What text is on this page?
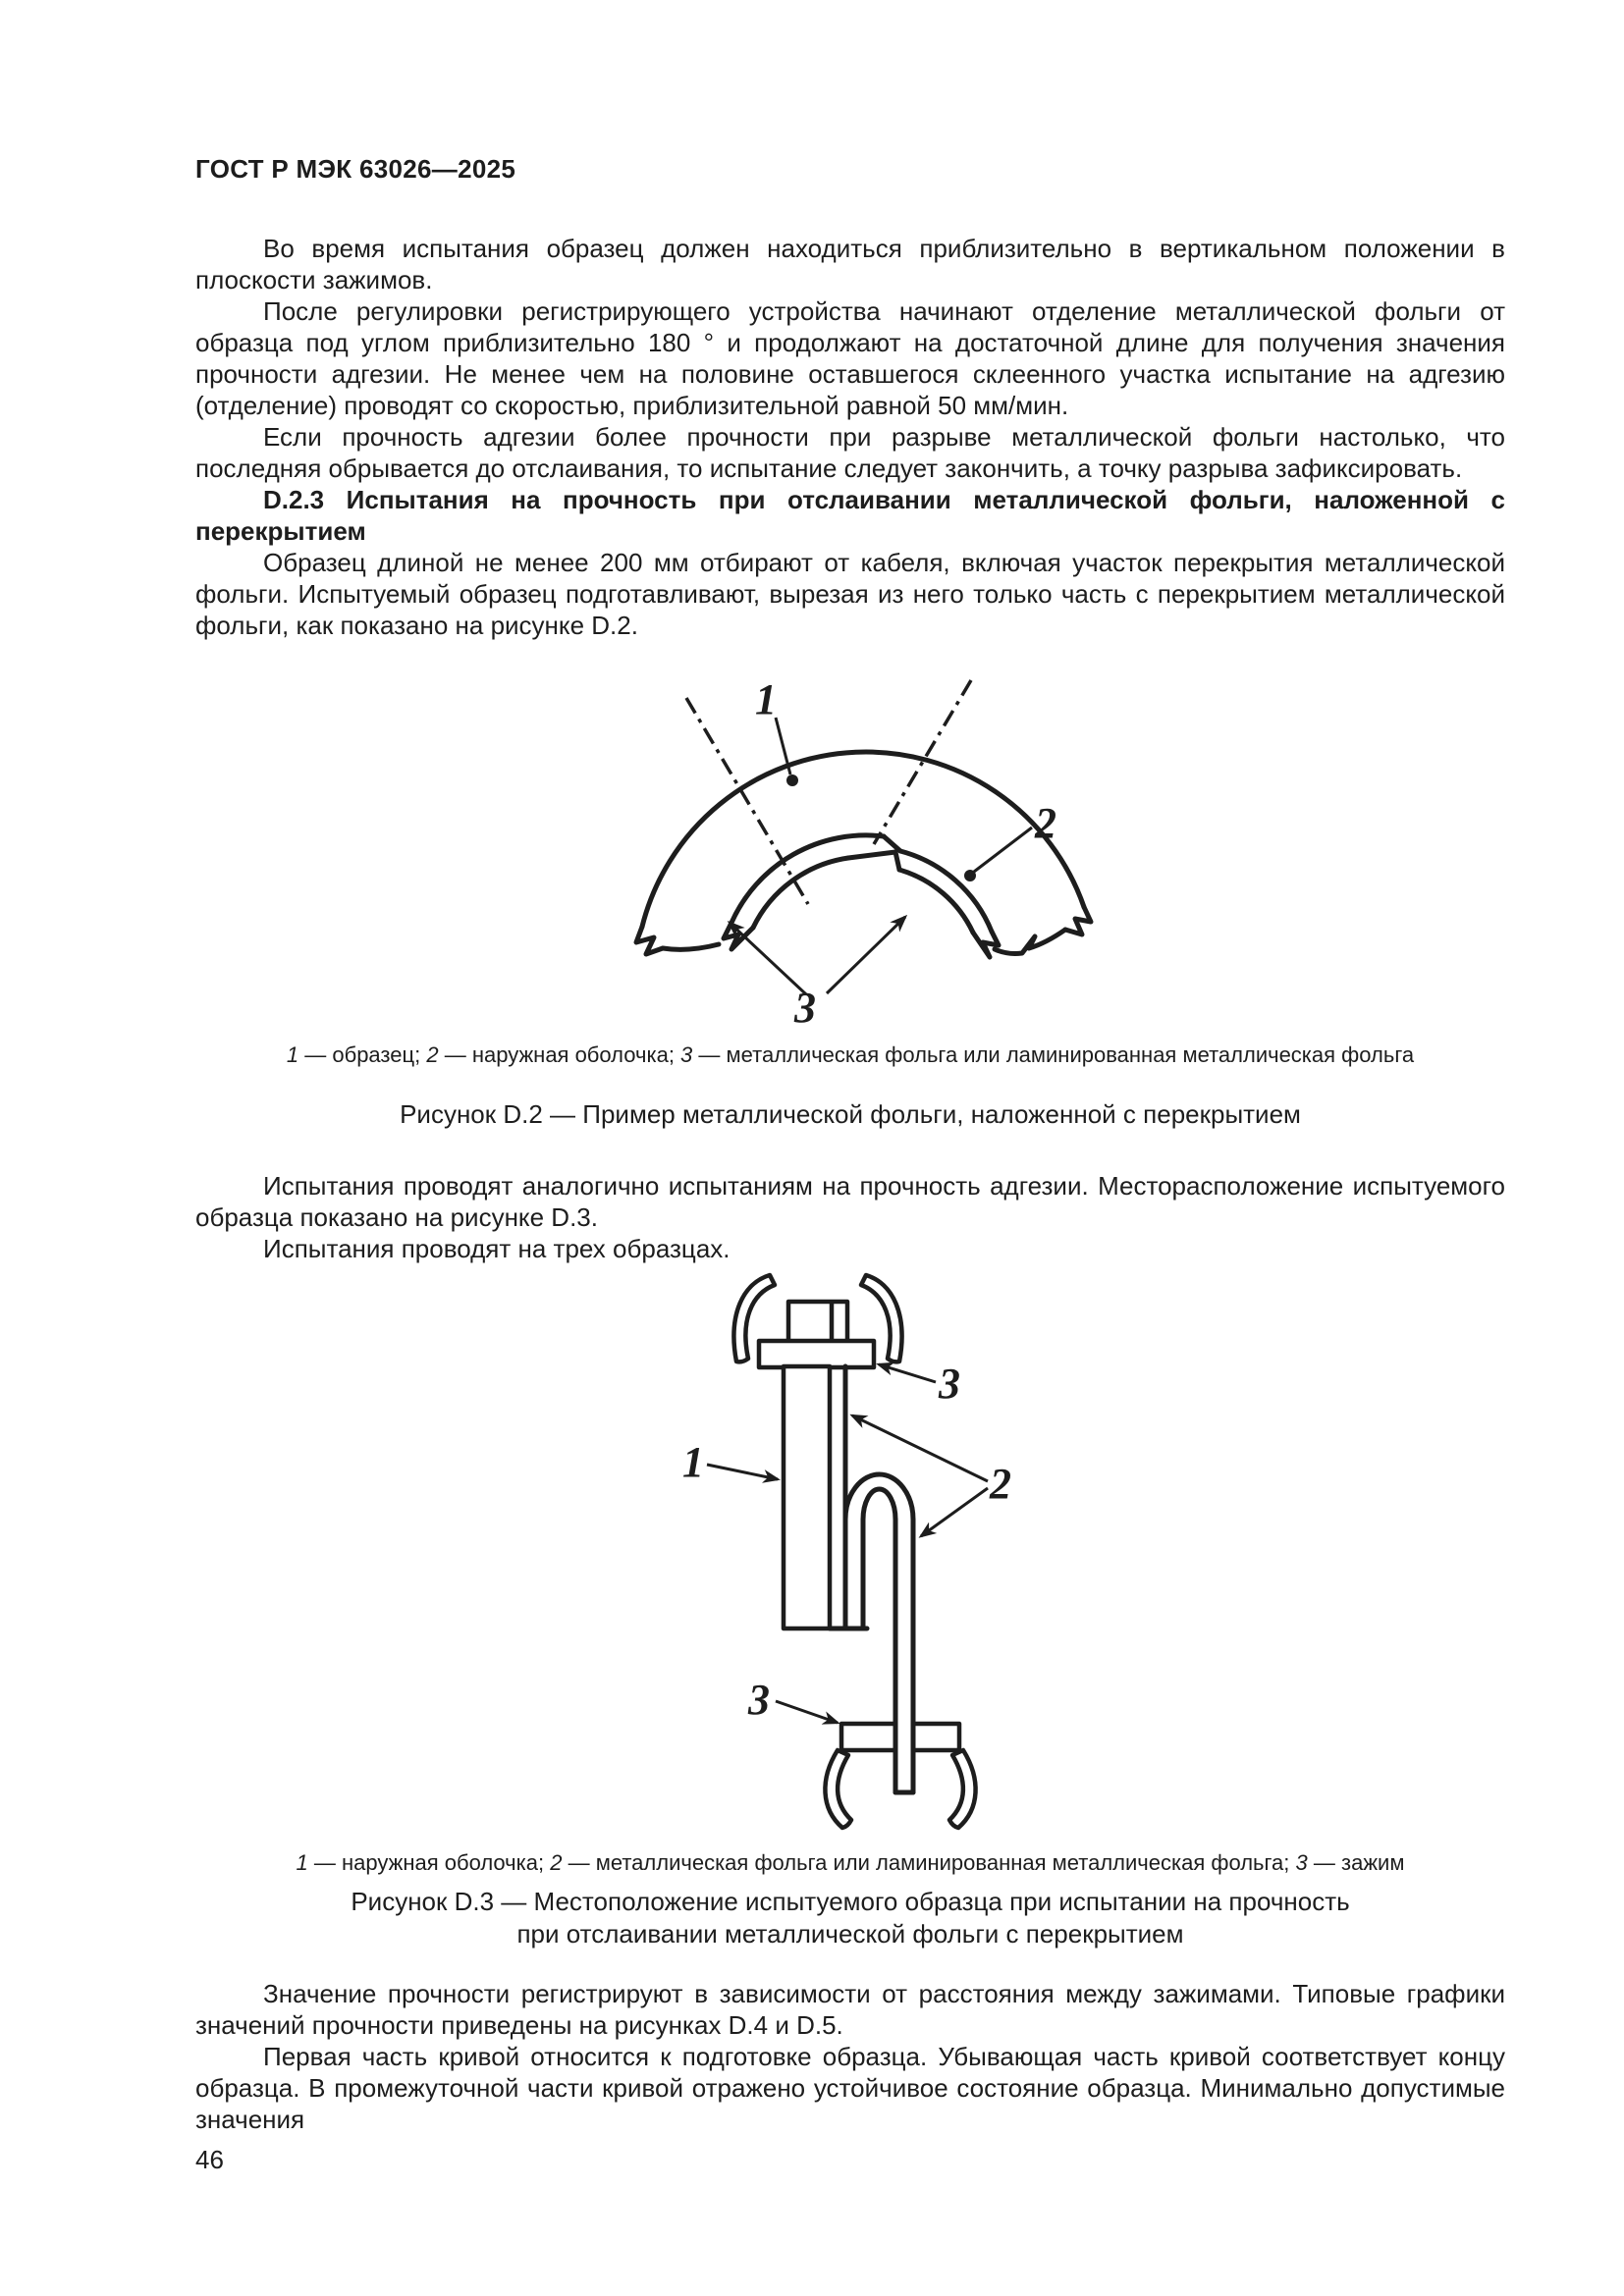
ГОСТ Р МЭК 63026—2025

Во время испытания образец должен находиться приблизительно в вертикальном положении в плоскости зажимов.

После регулировки регистрирующего устройства начинают отделение металлической фольги от образца под углом приблизительно 180 ° и продолжают на достаточной длине для получения значения прочности адгезии. Не менее чем на половине оставшегося склеенного участка испытание на адгезию (отделение) проводят со скоростью, приблизительной равной 50 мм/мин.

Если прочность адгезии более прочности при разрыве металлической фольги настолько, что последняя обрывается до отслаивания, то испытание следует закончить, а точку разрыва зафиксировать.

D.2.3 Испытания на прочность при отслаивании металлической фольги, наложенной с перекрытием

Образец длиной не менее 200 мм отбирают от кабеля, включая участок перекрытия металлической фольги. Испытуемый образец подготавливают, вырезая из него только часть с перекрытием металлической фольги, как показано на рисунке D.2.

1
2
3

1 — образец; 2 — наружная оболочка; 3 — металлическая фольга или ламинированная металлическая фольга

Рисунок D.2 — Пример металлической фольги, наложенной с перекрытием

Испытания проводят аналогично испытаниям на прочность адгезии. Месторасположение испытуемого образца показано на рисунке D.3.

Испытания проводят на трех образцах.

1
3
2
3

1 — наружная оболочка; 2 — металлическая фольга или ламинированная металлическая фольга; 3 — зажим

Рисунок D.3 — Местоположение испытуемого образца при испытании на прочность
при отслаивании металлической фольги с перекрытием

Значение прочности регистрируют в зависимости от расстояния между зажимами. Типовые графики значений прочности приведены на рисунках D.4 и D.5.

Первая часть кривой относится к подготовке образца. Убывающая часть кривой соответствует концу образца. В промежуточной части кривой отражено устойчивое состояние образца. Минимально допустимые значения

46
